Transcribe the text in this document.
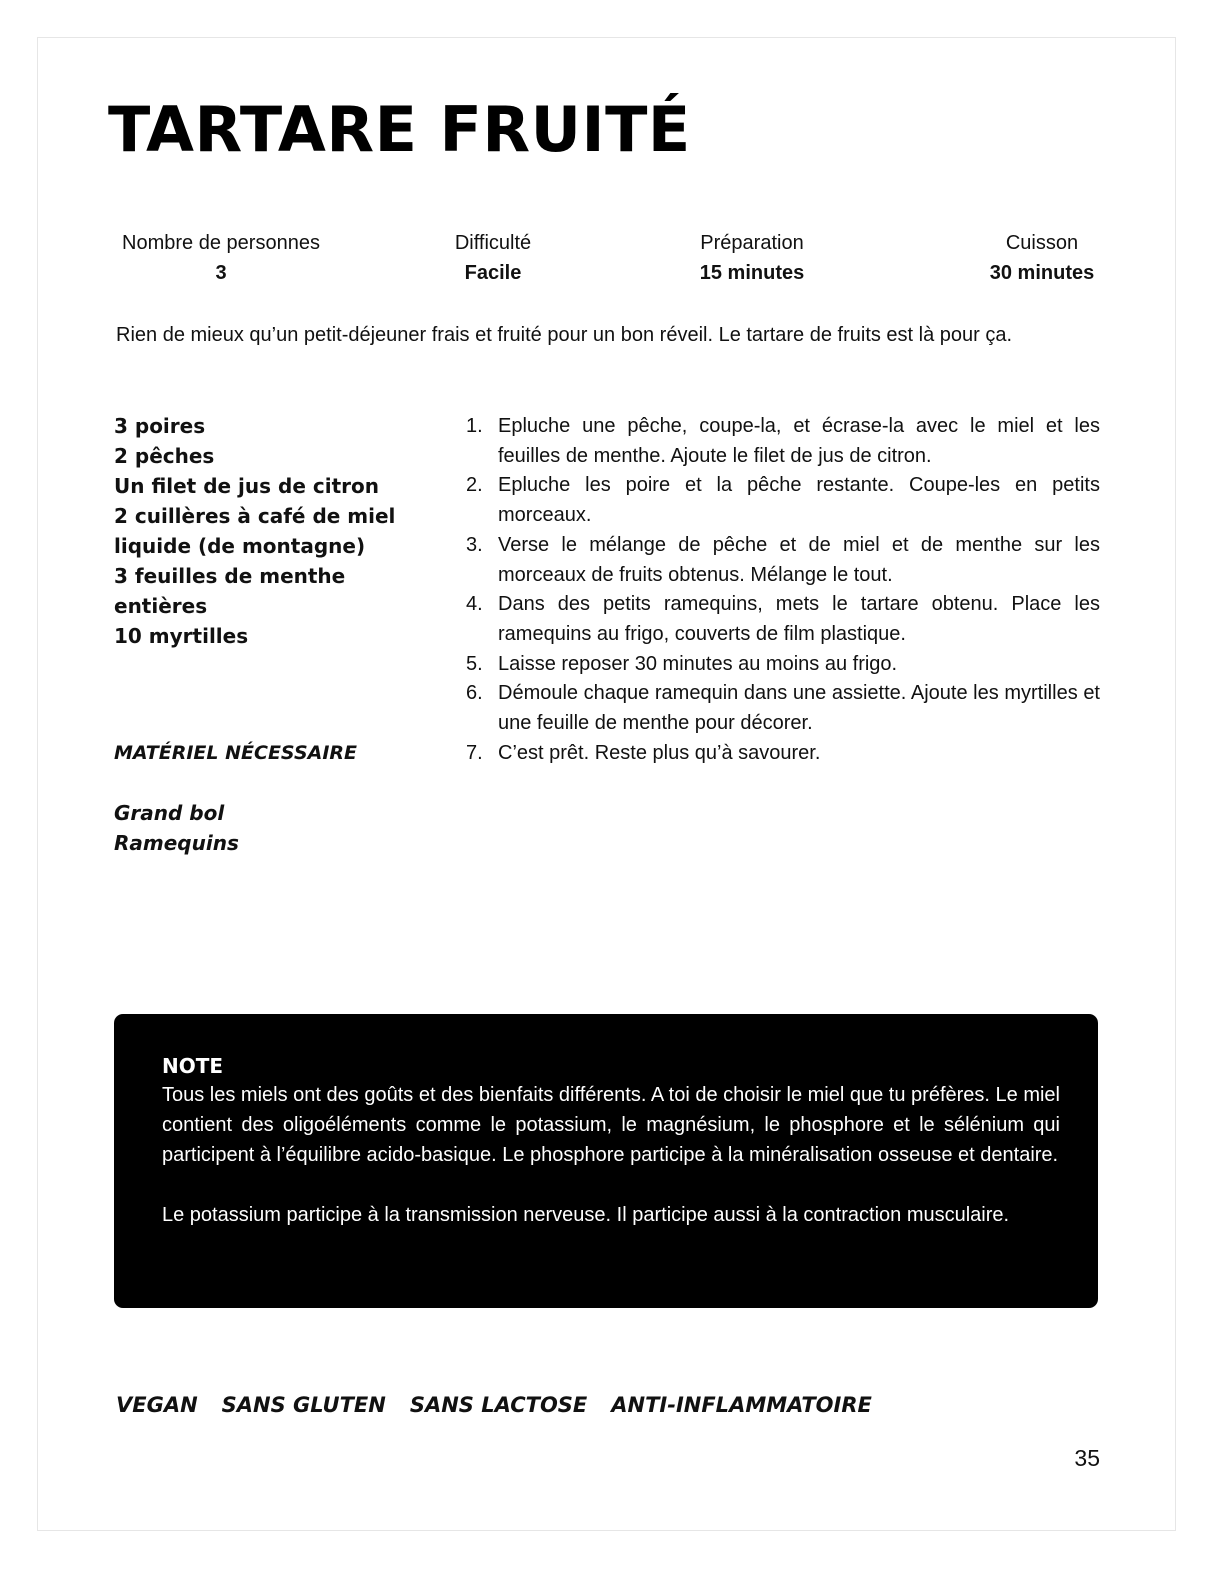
TARTARE FRUITÉ
Nombre de personnes
3
Difficulté
Facile
Préparation
15 minutes
Cuisson
30 minutes
Rien de mieux qu’un petit-déjeuner frais et fruité pour un bon réveil. Le tartare de fruits est là pour ça.
3 poires
2 pêches
Un filet de jus de citron
2 cuillères à café de miel liquide (de montagne)
3 feuilles de menthe entières
10 myrtilles
MATÉRIEL NÉCESSAIRE
Grand bol
Ramequins
1. Epluche une pêche, coupe-la, et écrase-la avec le miel et les feuilles de menthe. Ajoute le filet de jus de citron.
2. Epluche les poire et la pêche restante. Coupe-les en petits morceaux.
3. Verse le mélange de pêche et de miel et de menthe sur les morceaux de fruits obtenus. Mélange le tout.
4. Dans des petits ramequins, mets le tartare obtenu. Place les ramequins au frigo, couverts de film plastique.
5. Laisse reposer 30 minutes au moins au frigo.
6. Démoule chaque ramequin dans une assiette. Ajoute les myrtilles et une feuille de menthe pour décorer.
7. C’est prêt. Reste plus qu’à savourer.
NOTE

Tous les miels ont des goûts et des bienfaits différents. A toi de choisir le miel que tu préfères. Le miel contient des oligoéléments comme le potassium, le magnésium, le phosphore et le sélénium qui participent à l’équilibre acido-basique. Le phosphore participe à la minéralisation osseuse et dentaire.

Le potassium participe à la transmission nerveuse. Il participe aussi à la contraction musculaire.

VEGAN SANS GLUTEN SANS LACTOSE ANTI-INFLAMMATOIRE
35
